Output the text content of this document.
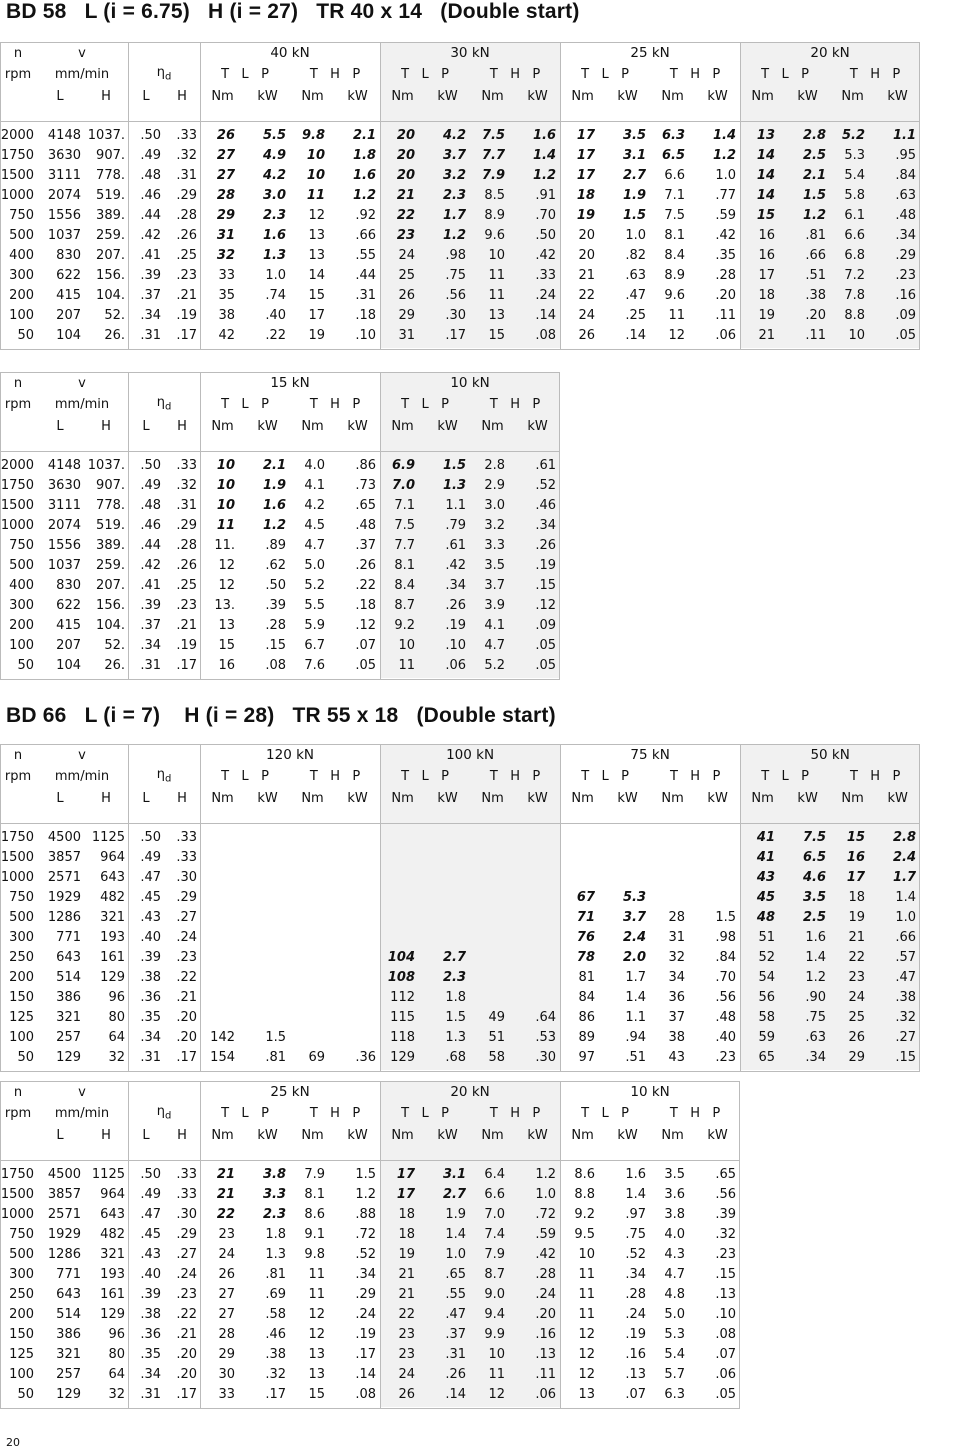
BD 58   L (i = 6.75)   H (i = 27)   TR 40 x 14   (Double start)
n	v				40 kN				30 kN				25 kN				20 kN			
rpm	mm/min		$\eta_d$		T   L   P		T   H   P		T   L   P		T   H   P		T   L   P		T   H   P		T   L   P		T   H   P	
	L	H	L	H	Nm	kW	Nm	kW	Nm	kW	Nm	kW	Nm	kW	Nm	kW	Nm	kW	Nm	kW
2000	4148	1037.	.50	.33	26	5.5	9.8	2.1	20	4.2	7.5	1.6	17	3.5	6.3	1.4	13	2.8	5.2	1.1
1750	3630	907.	.49	.32	27	4.9	10	1.8	20	3.7	7.7	1.4	17	3.1	6.5	1.2	14	2.5	5.3	.95
1500	3111	778.	.48	.31	27	4.2	10	1.6	20	3.2	7.9	1.2	17	2.7	6.6	1.0	14	2.1	5.4	.84
1000	2074	519.	.46	.29	28	3.0	11	1.2	21	2.3	8.5	.91	18	1.9	7.1	.77	14	1.5	5.8	.63
750	1556	389.	.44	.28	29	2.3	12	.92	22	1.7	8.9	.70	19	1.5	7.5	.59	15	1.2	6.1	.48
500	1037	259.	.42	.26	31	1.6	13	.66	23	1.2	9.6	.50	20	1.0	8.1	.42	16	.81	6.6	.34
400	830	207.	.41	.25	32	1.3	13	.55	24	.98	10	.42	20	.82	8.4	.35	16	.66	6.8	.29
300	622	156.	.39	.23	33	1.0	14	.44	25	.75	11	.33	21	.63	8.9	.28	17	.51	7.2	.23
200	415	104.	.37	.21	35	.74	15	.31	26	.56	11	.24	22	.47	9.6	.20	18	.38	7.8	.16
100	207	52.	.34	.19	38	.40	17	.18	29	.30	13	.14	24	.25	11	.11	19	.20	8.8	.09
50	104	26.	.31	.17	42	.22	19	.10	31	.17	15	.08	26	.14	12	.06	21	.11	10	.05
n	v				15 kN				10 kN			
rpm	mm/min		$\eta_d$		T   L   P		T   H   P		T   L   P		T   H   P	
	L	H	L	H	Nm	kW	Nm	kW	Nm	kW	Nm	kW
2000	4148	1037.	.50	.33	10	2.1	4.0	.86	6.9	1.5	2.8	.61
1750	3630	907.	.49	.32	10	1.9	4.1	.73	7.0	1.3	2.9	.52
1500	3111	778.	.48	.31	10	1.6	4.2	.65	7.1	1.1	3.0	.46
1000	2074	519.	.46	.29	11	1.2	4.5	.48	7.5	.79	3.2	.34
750	1556	389.	.44	.28	11.	.89	4.7	.37	7.7	.61	3.3	.26
500	1037	259.	.42	.26	12	.62	5.0	.26	8.1	.42	3.5	.19
400	830	207.	.41	.25	12	.50	5.2	.22	8.4	.34	3.7	.15
300	622	156.	.39	.23	13.	.39	5.5	.18	8.7	.26	3.9	.12
200	415	104.	.37	.21	13	.28	5.9	.12	9.2	.19	4.1	.09
100	207	52.	.34	.19	15	.15	6.7	.07	10	.10	4.7	.05
50	104	26.	.31	.17	16	.08	7.6	.05	11	.06	5.2	.05
BD 66   L (i = 7)    H (i = 28)   TR 55 x 18   (Double start)
n	v				120 kN				100 kN				75 kN				50 kN			
rpm	mm/min		$\eta_d$		T   L   P		T   H   P		T   L   P		T   H   P		T   L   P		T   H   P		T   L   P		T   H   P	
	L	H	L	H	Nm	kW	Nm	kW	Nm	kW	Nm	kW	Nm	kW	Nm	kW	Nm	kW	Nm	kW
1750	4500	1125	.50	.33													41	7.5	15	2.8
1500	3857	964	.49	.33													41	6.5	16	2.4
1000	2571	643	.47	.30													43	4.6	17	1.7
750	1929	482	.45	.29									67	5.3			45	3.5	18	1.4
500	1286	321	.43	.27									71	3.7	28	1.5	48	2.5	19	1.0
300	771	193	.40	.24									76	2.4	31	.98	51	1.6	21	.66
250	643	161	.39	.23					104	2.7			78	2.0	32	.84	52	1.4	22	.57
200	514	129	.38	.22					108	2.3			81	1.7	34	.70	54	1.2	23	.47
150	386	96	.36	.21					112	1.8			84	1.4	36	.56	56	.90	24	.38
125	321	80	.35	.20					115	1.5	49	.64	86	1.1	37	.48	58	.75	25	.32
100	257	64	.34	.20	142	1.5			118	1.3	51	.53	89	.94	38	.40	59	.63	26	.27
50	129	32	.31	.17	154	.81	69	.36	129	.68	58	.30	97	.51	43	.23	65	.34	29	.15
n	v				25 kN				20 kN				10 kN			
rpm	mm/min		$\eta_d$		T   L   P		T   H   P		T   L   P		T   H   P		T   L   P		T   H   P	
	L	H	L	H	Nm	kW	Nm	kW	Nm	kW	Nm	kW	Nm	kW	Nm	kW
1750	4500	1125	.50	.33	21	3.8	7.9	1.5	17	3.1	6.4	1.2	8.6	1.6	3.5	.65
1500	3857	964	.49	.33	21	3.3	8.1	1.2	17	2.7	6.6	1.0	8.8	1.4	3.6	.56
1000	2571	643	.47	.30	22	2.3	8.6	.88	18	1.9	7.0	.72	9.2	.97	3.8	.39
750	1929	482	.45	.29	23	1.8	9.1	.72	18	1.4	7.4	.59	9.5	.75	4.0	.32
500	1286	321	.43	.27	24	1.3	9.8	.52	19	1.0	7.9	.42	10	.52	4.3	.23
300	771	193	.40	.24	26	.81	11	.34	21	.65	8.7	.28	11	.34	4.7	.15
250	643	161	.39	.23	27	.69	11	.29	21	.55	9.0	.24	11	.28	4.8	.13
200	514	129	.38	.22	27	.58	12	.24	22	.47	9.4	.20	11	.24	5.0	.10
150	386	96	.36	.21	28	.46	12	.19	23	.37	9.9	.16	12	.19	5.3	.08
125	321	80	.35	.20	29	.38	13	.17	23	.31	10	.13	12	.16	5.4	.07
100	257	64	.34	.20	30	.32	13	.14	24	.26	11	.11	12	.13	5.7	.06
50	129	32	.31	.17	33	.17	15	.08	26	.14	12	.06	13	.07	6.3	.05
20
